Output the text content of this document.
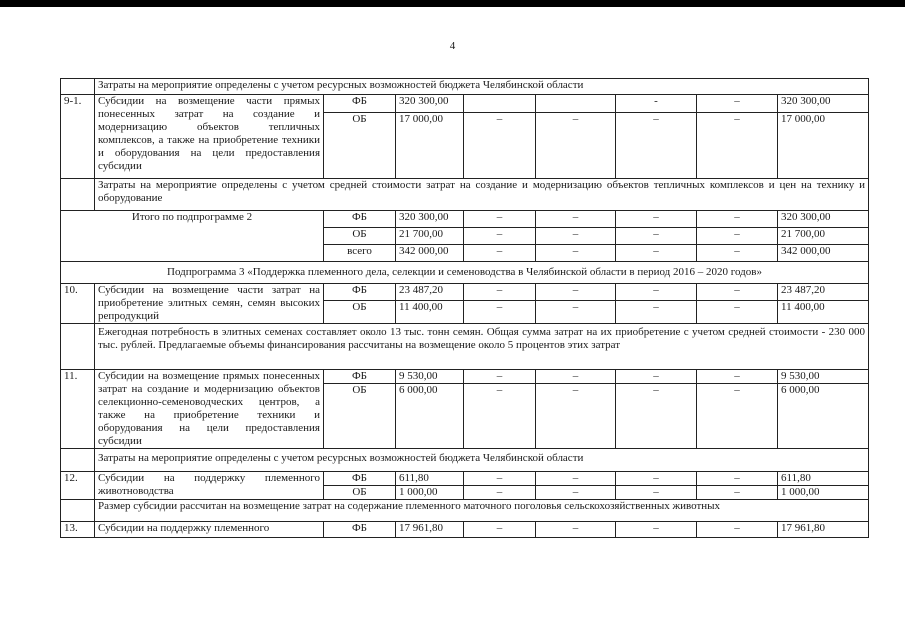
4
	Затраты на мероприятие определены с учетом ресурсных возможностей бюджета Челябинской области							
9-1.	Субсидии на возмещение части прямых понесенных затрат на создание и модернизацию объектов тепличных комплексов, а также на приобретение техники и оборудования на цели предоставления субсидии	ФБ	320 300,00			-	–	320 300,00
		ОБ	17 000,00	–	–	–	–	17 000,00
	Затраты на мероприятие определены с учетом средней стоимости затрат на создание и модернизацию объектов тепличных комплексов и цен на технику и оборудование							
Итого по подпрограмме 2		ФБ	320 300,00	–	–	–	–	320 300,00
		ОБ	21 700,00	–	–	–	–	21 700,00
		всего	342 000,00	–	–	–	–	342 000,00
Подпрограмма 3 «Поддержка племенного дела, селекции и семеноводства в Челябинской области в период 2016 – 2020 годов»								
10.	Субсидии на возмещение части затрат на приобретение элитных семян, семян высоких репродукций	ФБ	23 487,20	–	–	–	–	23 487,20
		ОБ	11 400,00	–	–	–	–	11 400,00
	Ежегодная потребность в элитных семенах составляет около 13 тыс. тонн семян. Общая сумма затрат на их приобретение с учетом средней стоимости - 230 000 тыс. рублей. Предлагаемые объемы финансирования рассчитаны на возмещение около 5 процентов этих затрат							
11.	Субсидии на возмещение прямых понесенных затрат на создание и модернизацию объектов селекционно-семеноводческих центров, а также на приобретение техники и оборудования на цели предоставления субсидии	ФБ	9 530,00	–	–	–	–	9 530,00
		ОБ	6 000,00	–	–	–	–	6 000,00
	Затраты на мероприятие определены с учетом ресурсных возможностей бюджета Челябинской области							
12.	Субсидии на поддержку племенного животноводства	ФБ	611,80	–	–	–	–	611,80
		ОБ	1 000,00	–	–	–	–	1 000,00
	Размер субсидии рассчитан на возмещение затрат на содержание племенного маточного поголовья сельскохозяйственных животных							
13.	Субсидии на поддержку племенного	ФБ	17 961,80	–	–	–	–	17 961,80
